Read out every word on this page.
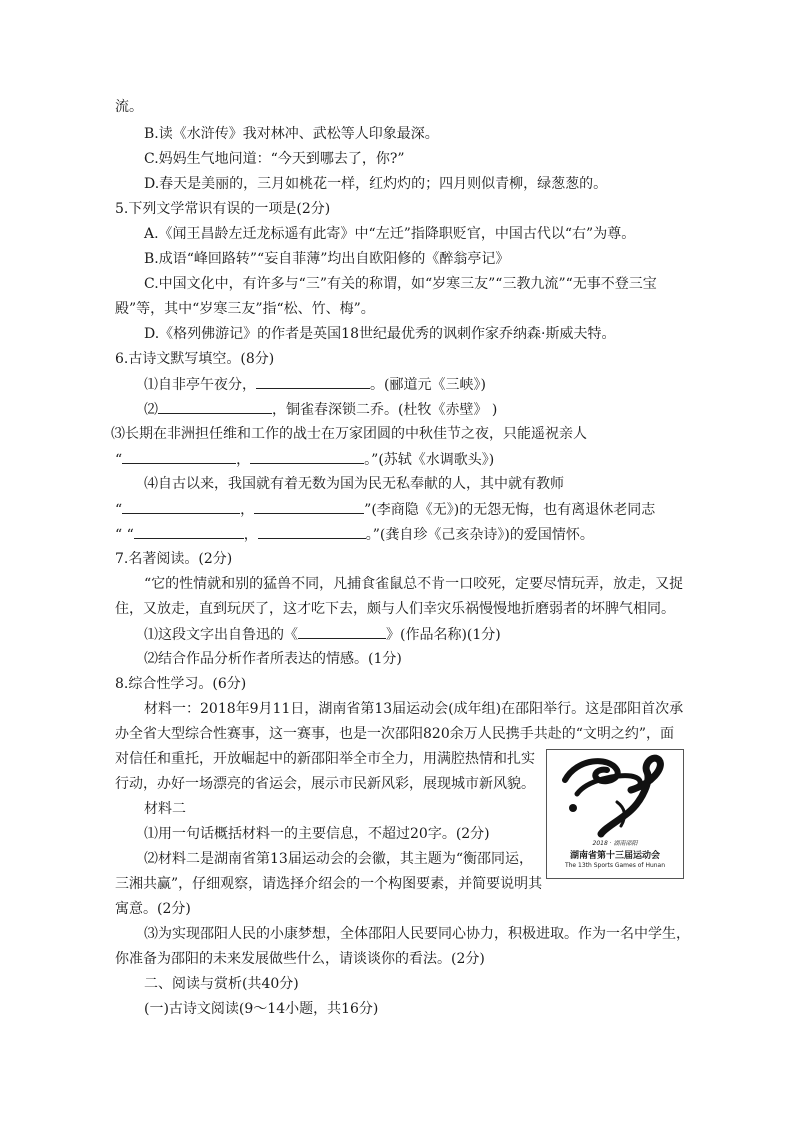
流。
B.读《水浒传》我对林冲、武松等人印象最深。
C.妈妈生气地问道：“今天到哪去了，你?”
D.春天是美丽的，三月如桃花一样，红灼灼的；四月则似青柳，绿葱葱的。
5.下列文学常识有误的一项是(2分)
A.《闻王昌龄左迁龙标遥有此寄》中“左迁”指降职贬官，中国古代以“右”为尊。
B.成语“峰回路转”“妄自菲薄”均出自欧阳修的《醉翁亭记》
C.中国文化中，有许多与“三”有关的称谓，如“岁寒三友”“三教九流”“无事不登三宝
殿”等，其中“岁寒三友”指“松、竹、梅”。
D.《格列佛游记》的作者是英国18世纪最优秀的讽刺作家乔纳森·斯威夫特。
6.古诗文默写填空。(8分)
⑴自非亭午夜分，	。(郦道元《三峡》)
⑵	，铜雀春深锁二乔。(杜牧《赤壁》 )
⑶长期在非洲担任维和工作的战士在万家团圆的中秋佳节之夜，只能遥祝亲人
“	，	。”(苏轼《水调歌头》)
⑷自古以来，我国就有着无数为国为民无私奉献的人，其中就有教师
“	，	”(李商隐《无》)的无怨无悔，也有离退休老同志
“ “	，	。”(龚自珍《己亥杂诗》)的爱国情怀。
7.名著阅读。(2分)
“它的性情就和别的猛兽不同，凡捕食雀鼠总不肯一口咬死，定要尽情玩弄，放走，又捉
住，又放走，直到玩厌了，这才吃下去，颇与人们幸灾乐祸慢慢地折磨弱者的坏脾气相同。
⑴这段文字出自鲁迅的《	》(作品名称)(1分)
⑵结合作品分析作者所表达的情感。(1分)
8.综合性学习。(6分)
材料一：2018年9月11日，湖南省第13届运动会(成年组)在邵阳举行。这是邵阳首次承
办全省大型综合性赛事，这一赛事，也是一次邵阳820余万人民携手共赴的“文明之约”，面
对信任和重托，开放崛起中的新邵阳举全市全力，用满腔热情和扎实
行动，办好一场漂亮的省运会，展示市民新风彩，展现城市新风貌。
材料二
⑴用一句话概括材料一的主要信息，不超过20字。(2分)
⑵材料二是湖南省第13届运动会的会徽，其主题为“衡邵同运，
三湘共赢”，仔细观察，请选择介绍会的一个构图要素，并简要说明其
寓意。(2分)
⑶为实现邵阳人民的小康梦想，全体邵阳人民要同心协力，积极进取。作为一名中学生，
你准备为邵阳的未来发展做些什么，请谈谈你的看法。(2分)
二、阅读与赏析(共40分)
(一)古诗文阅读(9～14小题，共16分)
2018 · 湖南邵阳
湖南省第十三届运动会
The 13th Sports Games of Hunan
